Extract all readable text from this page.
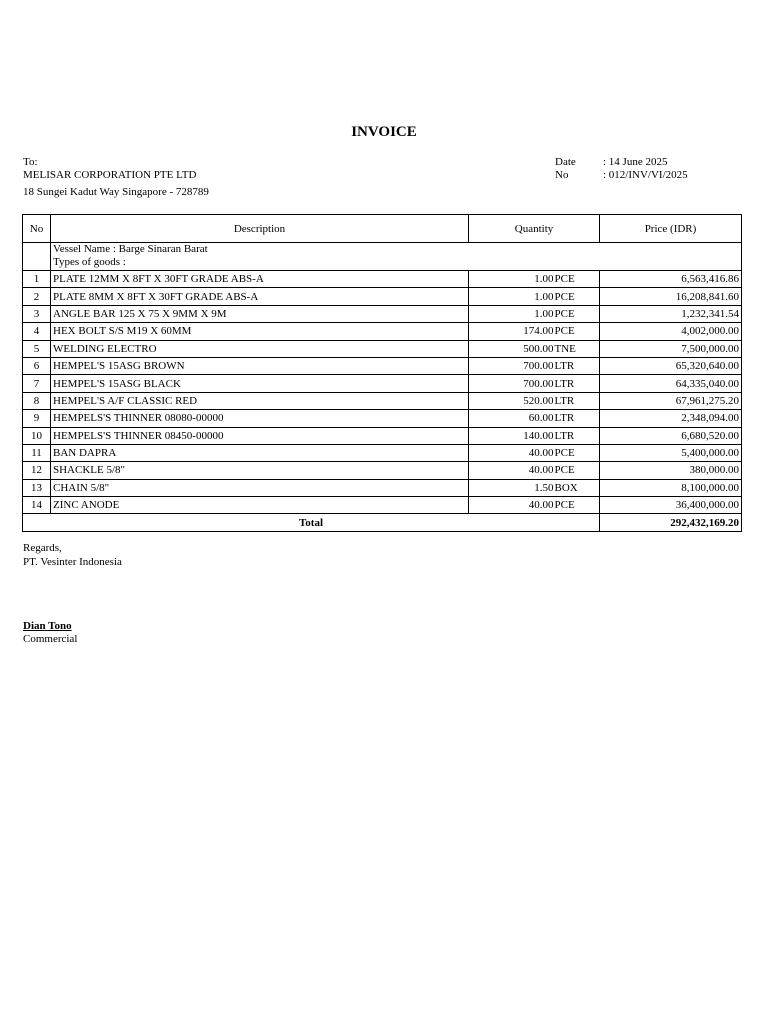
INVOICE
To:
MELISAR CORPORATION PTE LTD
18 Sungei Kadut Way Singapore - 728789
Date : 14 June 2025
No	: 012/INV/VI/2025
No	Description	Quantity		Price (IDR)

	Vessel Name : Barge Sinaran Barat
Types of goods :			

1	PLATE 12MM X 8FT X 30FT GRADE ABS-A	1.00	PCE	6,563,416.86
2	PLATE 8MM X 8FT X 30FT GRADE ABS-A	1.00	PCE	16,208,841.60
3	ANGLE BAR 125 X 75 X 9MM X 9M	1.00	PCE	1,232,341.54
4	HEX BOLT S/S M19 X 60MM	174.00	PCE	4,002,000.00
5	WELDING ELECTRO	500.00	TNE	7,500,000.00
6	HEMPEL'S 15ASG BROWN	700.00	LTR	65,320,640.00
7	HEMPEL'S 15ASG BLACK	700.00	LTR	64,335,040.00
8	HEMPEL'S A/F CLASSIC RED	520.00	LTR	67,961,275.20
9	HEMPELS'S THINNER 08080-00000	60.00	LTR	2,348,094.00
10	HEMPELS'S THINNER 08450-00000	140.00	LTR	6,680,520.00
11	BAN DAPRA	40.00	PCE	5,400,000.00
12	SHACKLE 5/8"	40.00	PCE	380,000.00
13	CHAIN 5/8"	1.50	BOX	8,100,000.00
14	ZINC ANODE	40.00	PCE	36,400,000.00
Total				292,432,169.20
Regards,
PT. Vesinter Indonesia
Dian Tono
Commercial
